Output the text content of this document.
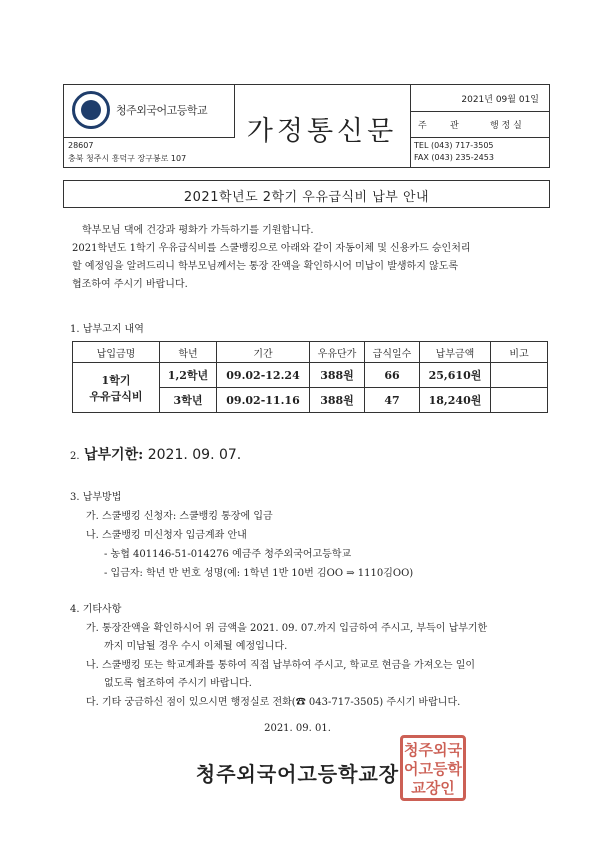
청주외국어고등학교
28607
충북 청주시 흥덕구 장구봉로 107
가정통신문
2021년 09월 01일
주	관	행 정 실
TEL (043) 717-3505
FAX (043) 235-2453
2021학년도 2학기 우유급식비 납부 안내
학부모님 댁에 건강과 평화가 가득하기를 기원합니다.
2021학년도 1학기 우유급식비를 스쿨뱅킹으로 아래와 같이 자동이체 및 신용카드 승인처리
할 예정임을 알려드리니 학부모님께서는 통장 잔액을 확인하시어 미납이 발생하지 않도록
협조하여 주시기 바랍니다.
1. 납부고지 내역
납입금명	학년	기간	우유단가	급식일수	납부금액	비고

1학기
우유급식비	1,2학년	09.02-12.24	388원	66	25,610원	
	3학년	09.02-11.16	388원	47	18,240원	
2. 납부기한: 2021. 09. 07.
3. 납부방법
가. 스쿨뱅킹 신청자: 스쿨뱅킹 통장에 입금
나. 스쿨뱅킹 미신청자 입금계좌 안내
- 농협 401146-51-014276 예금주 청주외국어고등학교
- 입금자: 학년 반 번호 성명(예: 1학년 1반 10번 김OO ⇒ 1110김OO)
4. 기타사항
가. 통장잔액을 확인하시어 위 금액을 2021. 09. 07.까지 입금하여 주시고, 부득이 납부기한
까지 미납될 경우 수시 이체될 예정입니다.
나. 스쿨뱅킹 또는 학교계좌를 통하여 직접 납부하여 주시고, 학교로 현금을 가져오는 일이
없도록 협조하여 주시기 바랍니다.
다. 기타 궁금하신 점이 있으시면 행정실로 전화(☎ 043-717-3505) 주시기 바랍니다.
2021. 09. 01.
청주외국어고등학교장
청주외국
어고등학
교장인
